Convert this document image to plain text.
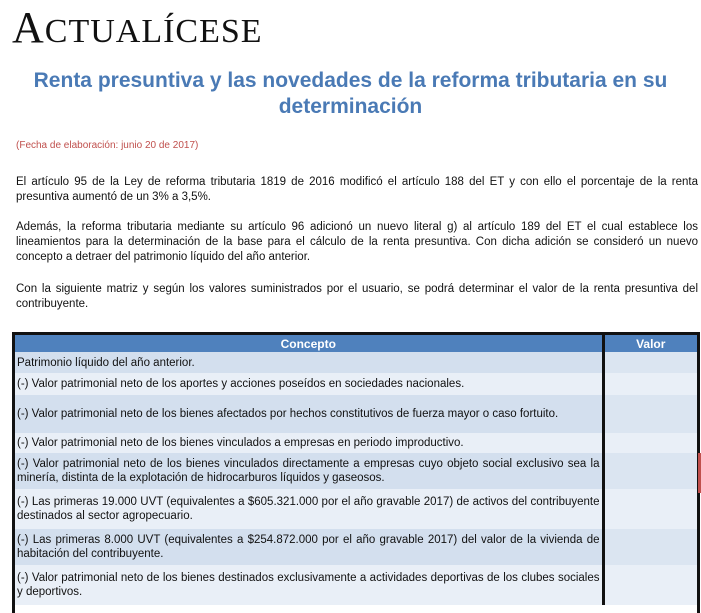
ACTUALÍCESE
Renta presuntiva y las novedades de la reforma tributaria en su determinación
(Fecha de elaboración: junio 20 de 2017)
El artículo 95 de la Ley de reforma tributaria 1819 de 2016 modificó el artículo 188 del ET y con ello el porcentaje de la renta presuntiva aumentó de un 3% a 3,5%.
Además, la reforma tributaria mediante su artículo 96 adicionó un nuevo literal g) al artículo 189 del ET el cual establece los lineamientos para la determinación de la base para el cálculo de la renta presuntiva. Con dicha adición se consideró un nuevo concepto a detraer del patrimonio líquido del año anterior.
Con la siguiente matriz y según los valores suministrados por el usuario, se podrá determinar el valor de la renta presuntiva del contribuyente.
Concepto	Valor
Patrimonio líquido del año anterior.	
(-) Valor patrimonial neto de los aportes y acciones poseídos en sociedades nacionales.	
(-) Valor patrimonial neto de los bienes afectados por hechos constitutivos de fuerza mayor o caso fortuito.	
(-) Valor patrimonial neto de los bienes vinculados a empresas en periodo improductivo.	
(-) Valor patrimonial neto de los bienes vinculados directamente a empresas cuyo objeto social exclusivo sea la minería, distinta de la explotación de hidrocarburos líquidos y gaseosos.	
(-) Las primeras 19.000 UVT (equivalentes a $605.321.000 por el año gravable 2017) de activos del contribuyente destinados al sector agropecuario.	
(-) Las primeras 8.000 UVT (equivalentes a $254.872.000 por el año gravable 2017) del valor de la vivienda de habitación del contribuyente.	
(-) Valor patrimonial neto de los bienes destinados exclusivamente a actividades deportivas de los clubes sociales y deportivos.	
